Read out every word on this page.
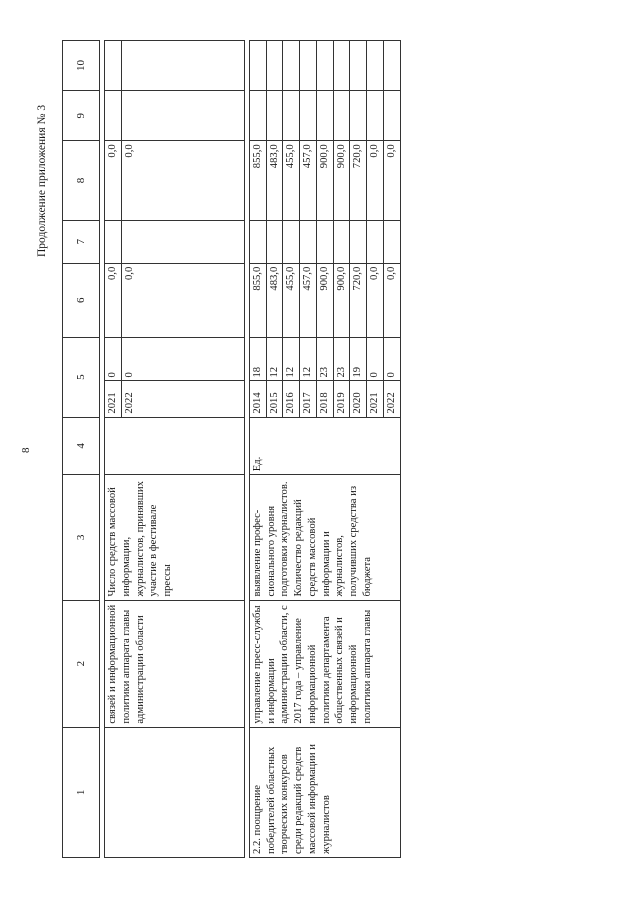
8
Продолжение приложения № 3
1	2	3	4	5		6	7	8	9	10

	связей и информационной политики аппарата главы администрации области	Число средств массовой информации, журналистов, принявших участие в фестивале прессы		2021	0	0,0		0,0		
				2022	0	0,0		0,0		

2.2. поощрение победителей областных творческих конкурсов среди редакций средств массовой информации и журналистов	управление пресс-службы и информации администрации области, с 2017 года – управление информационной политики департамента общественных связей и информационной политики аппарата главы	выявление профес-сионального уровня подготовки журналистов. Количество редакций средств массовой информации и журналистов, получивших средства из бюджета	Ед.	2014	18	855,0		855,0		
				2015	12	483,0		483,0		
				2016	12	455,0		455,0		
				2017	12	457,0		457,0		
				2018	23	900,0		900,0		
				2019	23	900,0		900,0		
				2020	19	720,0		720,0		
				2021	0	0,0		0,0		
				2022	0	0,0		0,0		
